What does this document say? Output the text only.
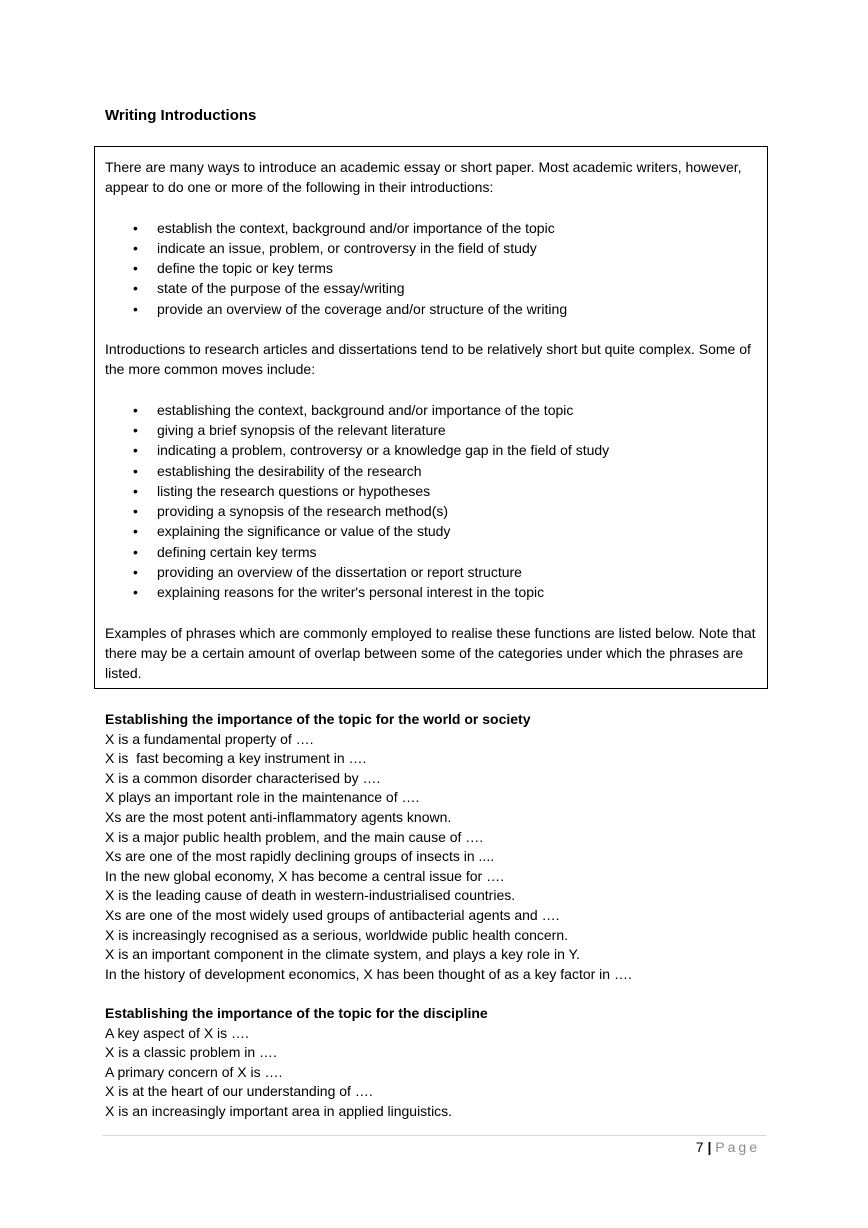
Writing Introductions

There are many ways to introduce an academic essay or short paper. Most academic writers, however, appear to do one or more of the following in their introductions:

• establish the context, background and/or importance of the topic
• indicate an issue, problem, or controversy in the field of study
• define the topic or key terms
• state of the purpose of the essay/writing
• provide an overview of the coverage and/or structure of the writing

Introductions to research articles and dissertations tend to be relatively short but quite complex. Some of the more common moves include:

• establishing the context, background and/or importance of the topic
• giving a brief synopsis of the relevant literature
• indicating a problem, controversy or a knowledge gap in the field of study
• establishing the desirability of the research
• listing the research questions or hypotheses
• providing a synopsis of the research method(s)
• explaining the significance or value of the study
• defining certain key terms
• providing an overview of the dissertation or report structure
• explaining reasons for the writer's personal interest in the topic

Examples of phrases which are commonly employed to realise these functions are listed below. Note that there may be a certain amount of overlap between some of the categories under which the phrases are listed.

Establishing the importance of the topic for the world or society
X is a fundamental property of ….
X is  fast becoming a key instrument in ….
X is a common disorder characterised by ….
X plays an important role in the maintenance of ….
Xs are the most potent anti-inflammatory agents known.
X is a major public health problem, and the main cause of ….
Xs are one of the most rapidly declining groups of insects in ....
In the new global economy, X has become a central issue for ….
X is the leading cause of death in western-industrialised countries.
Xs are one of the most widely used groups of antibacterial agents and ….
X is increasingly recognised as a serious, worldwide public health concern.
X is an important component in the climate system, and plays a key role in Y.
In the history of development economics, X has been thought of as a key factor in ….
Establishing the importance of the topic for the discipline
A key aspect of X is ….
X is a classic problem in ….
A primary concern of X is ….
X is at the heart of our understanding of ….
X is an increasingly important area in applied linguistics.
7 | Page
